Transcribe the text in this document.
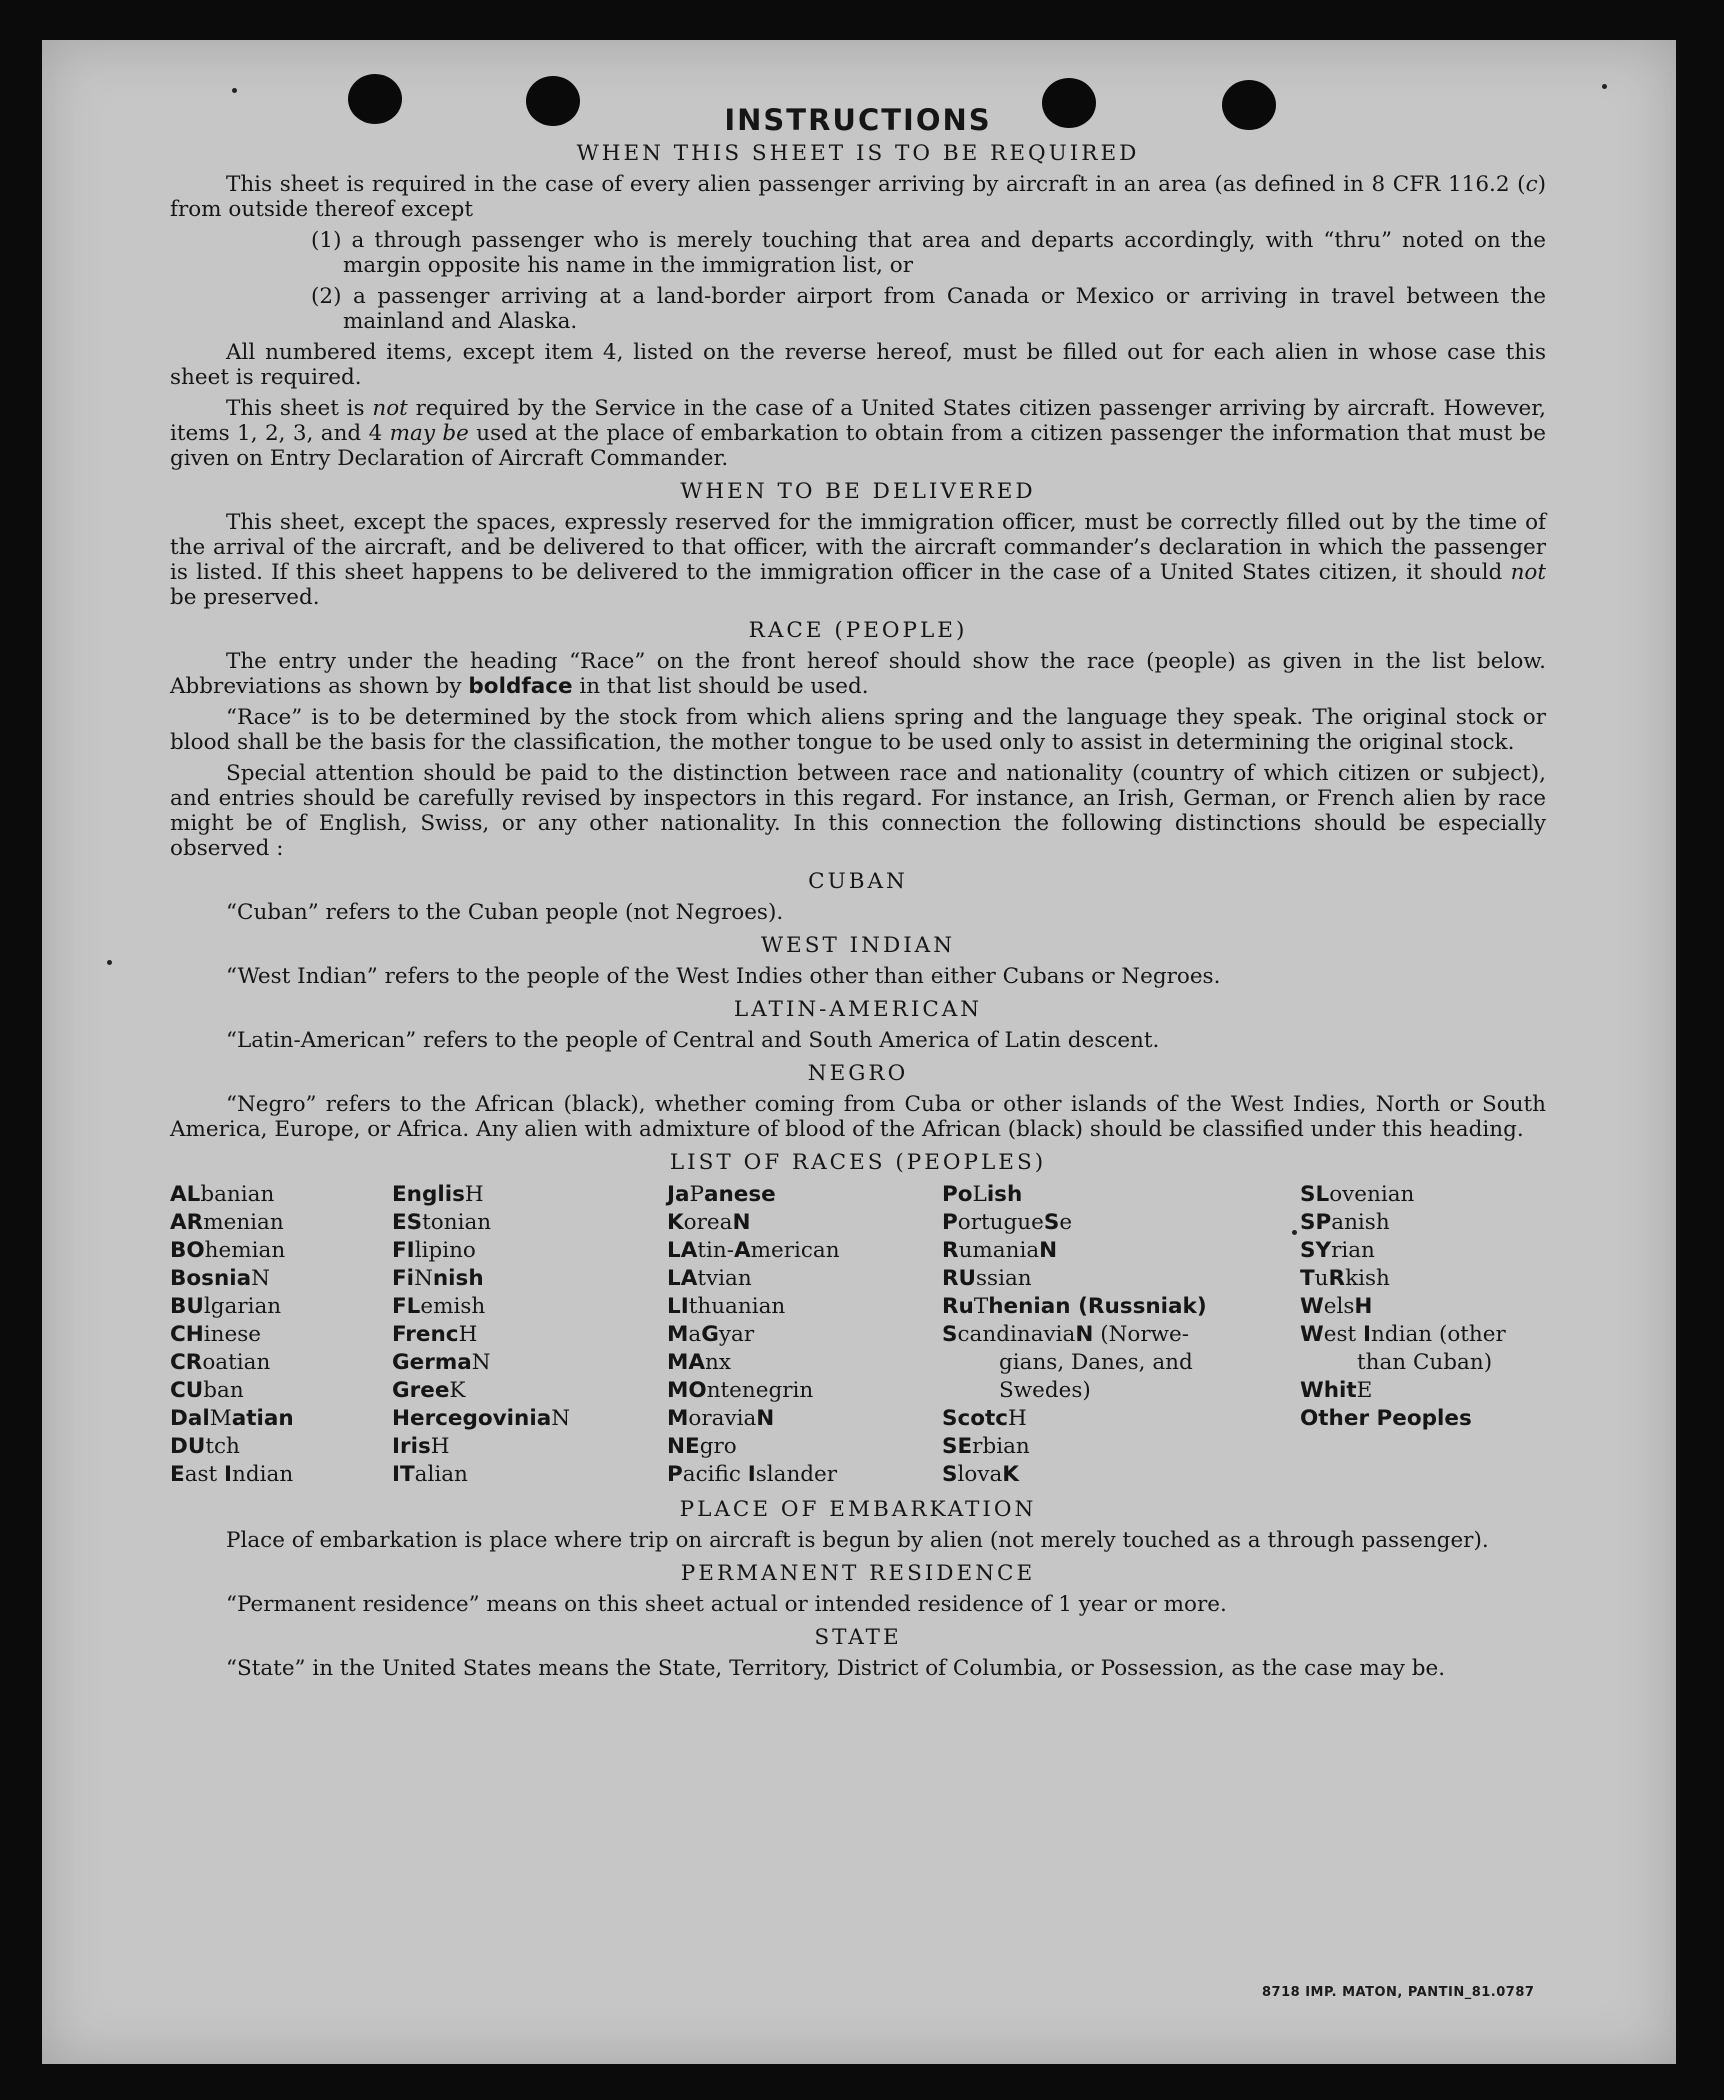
INSTRUCTIONS
WHEN THIS SHEET IS TO BE REQUIRED

This sheet is required in the case of every alien passenger arriving by aircraft in an area (as defined in 8 CFR 116.2 (c) from outside thereof except

(1) a through passenger who is merely touching that area and departs accordingly, with “thru” noted on the margin opposite his name in the immigration list, or
(2) a passenger arriving at a land-border airport from Canada or Mexico or arriving in travel between the mainland and Alaska.

All numbered items, except item 4, listed on the reverse hereof, must be filled out for each alien in whose case this sheet is required.

This sheet is not required by the Service in the case of a United States citizen passenger arriving by aircraft. However, items 1, 2, 3, and 4 may be used at the place of embarkation to obtain from a citizen passenger the information that must be given on Entry Declaration of Aircraft Commander.

WHEN TO BE DELIVERED

This sheet, except the spaces, expressly reserved for the immigration officer, must be correctly filled out by the time of the arrival of the aircraft, and be delivered to that officer, with the aircraft commander’s declaration in which the passenger is listed. If this sheet happens to be delivered to the immigration officer in the case of a United States citizen, it should not be preserved.

RACE (PEOPLE)

The entry under the heading “Race” on the front hereof should show the race (people) as given in the list below. Abbreviations as shown by boldface in that list should be used.

“Race” is to be determined by the stock from which aliens spring and the language they speak. The original stock or blood shall be the basis for the classification, the mother tongue to be used only to assist in determining the original stock.

Special attention should be paid to the distinction between race and nationality (country of which citizen or subject), and entries should be carefully revised by inspectors in this regard. For instance, an Irish, German, or French alien by race might be of English, Swiss, or any other nationality. In this connection the following distinctions should be especially observed :

CUBAN

“Cuban” refers to the Cuban people (not Negroes).

WEST INDIAN

“West Indian” refers to the people of the West Indies other than either Cubans or Negroes.

LATIN-AMERICAN

“Latin-American” refers to the people of Central and South America of Latin descent.

NEGRO

“Negro” refers to the African (black), whether coming from Cuba or other islands of the West Indies, North or South America, Europe, or Africa. Any alien with admixture of blood of the African (black) should be classified under this heading.

LIST OF RACES (PEOPLES)
ALbanian
ARmenian
BOhemian
BosniaN
BUlgarian
CHinese
CRoatian
CUban
DalMatian
DUtch
East Indian
EnglisH
EStonian
FIlipino
FiNnish
FLemish
FrencH
GermaN
GreeK
HercegoviniaN
IrisH
ITalian
JaPanese
KoreaN
LAtin-American
LAtvian
LIthuanian
MaGyar
MAnx
MOntenegrin
MoraviaN
NEgro
Pacific Islander
PoLish
PortugueSe
RumaniaN
RUssian
RuThenian (Russniak)
ScandinaviaN (Norwe-
gians, Danes, and
Swedes)
ScotcH
SErbian
SlovaK
SLovenian
SPanish
SYrian
TuRkish
WelsH
West Indian (other
than Cuban)
WhitE
Other Peoples
PLACE OF EMBARKATION

Place of embarkation is place where trip on aircraft is begun by alien (not merely touched as a through passenger).

PERMANENT RESIDENCE

“Permanent residence” means on this sheet actual or intended residence of 1 year or more.

STATE

“State” in the United States means the State, Territory, District of Columbia, or Possession, as the case may be.

8718 IMP. MATON, PANTIN_81.0787
